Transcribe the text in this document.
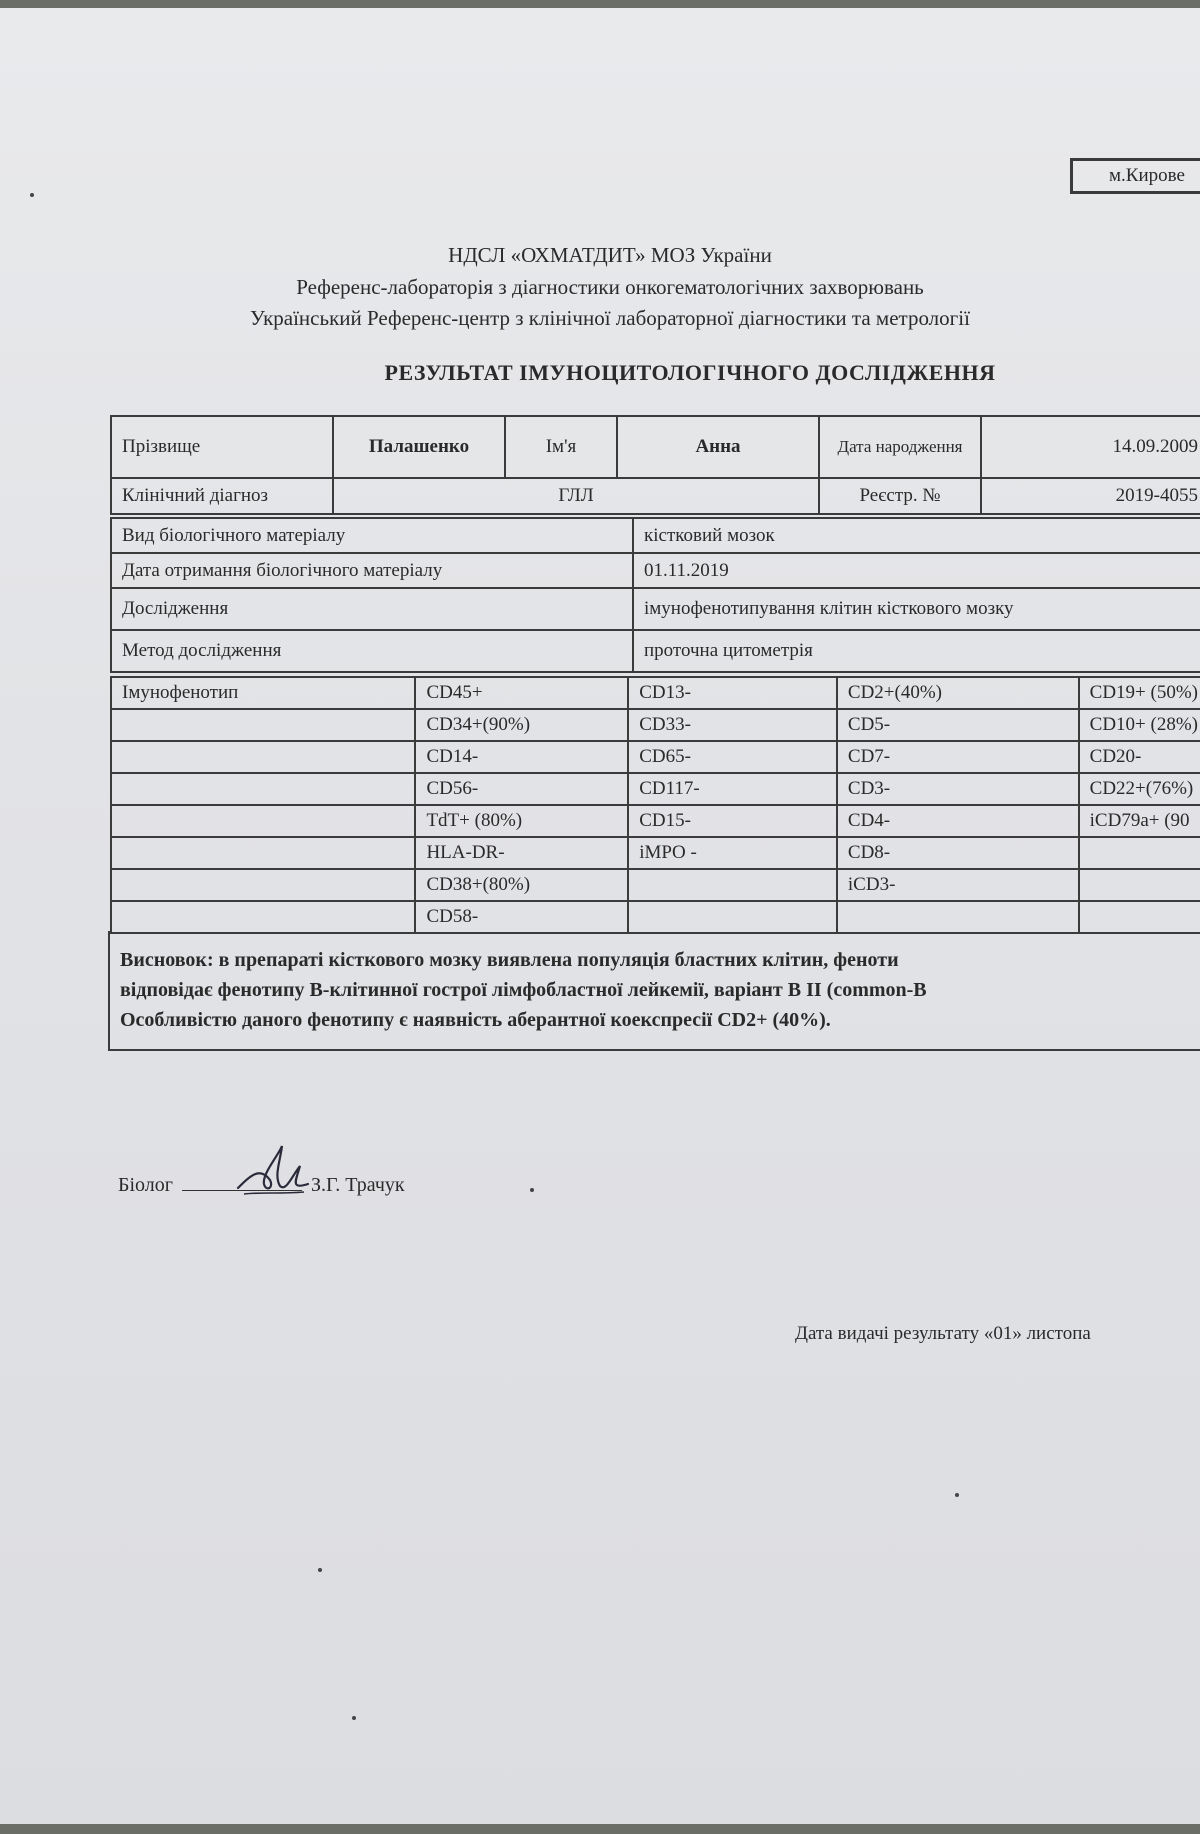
м.Кирове
НДСЛ «ОХМАТДИТ» МОЗ України
Референс-лабораторія з діагностики онкогематологічних захворювань
Український Референс-центр з клінічної лабораторної діагностики та метрології
РЕЗУЛЬТАТ ІМУНОЦИТОЛОГІЧНОГО ДОСЛІДЖЕННЯ
Прізвище	Палашенко	Ім'я	Анна	Дата народження	14.09.2009
Клінічний діагноз	ГЛЛ			Реєстр. №	2019-4055
Вид біологічного матеріалу	кістковий мозок
Дата отримання біологічного матеріалу	01.11.2019
Дослідження	імунофенотипування клітин кісткового мозку
Метод дослідження	проточна цитометрія
Імунофенотип	CD45+	CD13-	CD2+(40%)	CD19+ (50%)
	CD34+(90%)	CD33-	CD5-	CD10+ (28%)
	CD14-	CD65-	CD7-	CD20-
	CD56-	CD117-	CD3-	CD22+(76%)
	TdT+ (80%)	CD15-	CD4-	iCD79a+ (90
	HLA-DR-	iMPO -	CD8-	
	CD38+(80%)		iCD3-	
	CD58-			
Висновок: в препараті кісткового мозку виявлена популяція бластних клітин, феноти
відповідає фенотипу В-клітинної гострої лімфобластної лейкемії, варіант В II (common-B
Особливістю даного фенотипу є наявність аберантної коекспресії CD2+ (40%).
Біолог	З.Г. Трачук
Дата видачі результату «01» листопа
